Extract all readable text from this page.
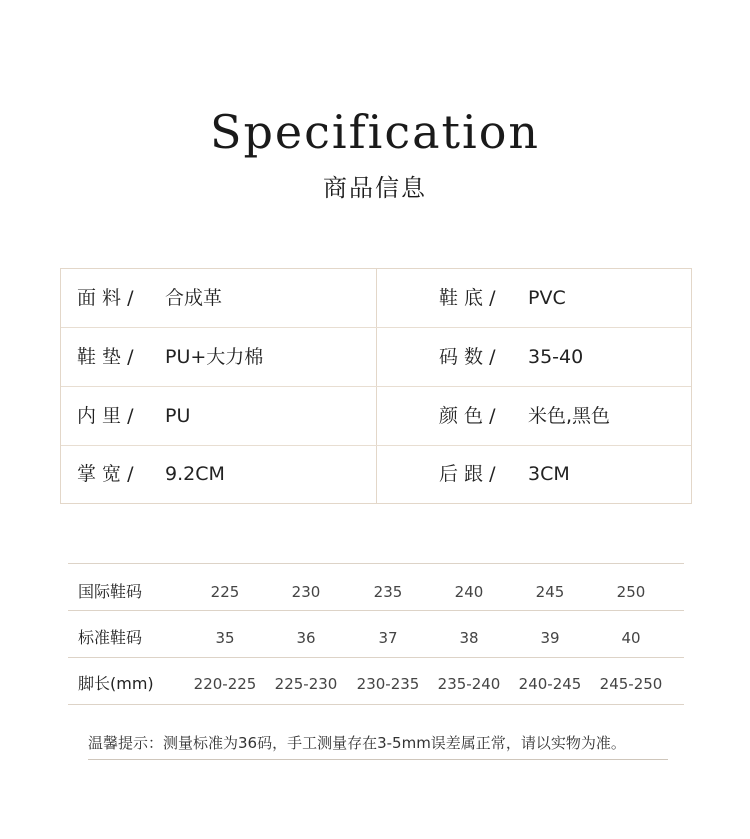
Specification
商品信息
面 料 / 合成革	鞋 底 / PVC
鞋 垫 / PU+大力棉	码 数 / 35-40
内 里 / PU	颜 色 / 米色,黑色
掌 宽 / 9.2CM	后 跟 / 3CM
国际鞋码	225	230	235	240	245	250
标准鞋码	35	36	37	38	39	40
脚长(mm)	220-225	225-230	230-235	235-240	240-245	245-250
温馨提示：测量标准为36码，手工测量存在3-5mm误差属正常，请以实物为准。
